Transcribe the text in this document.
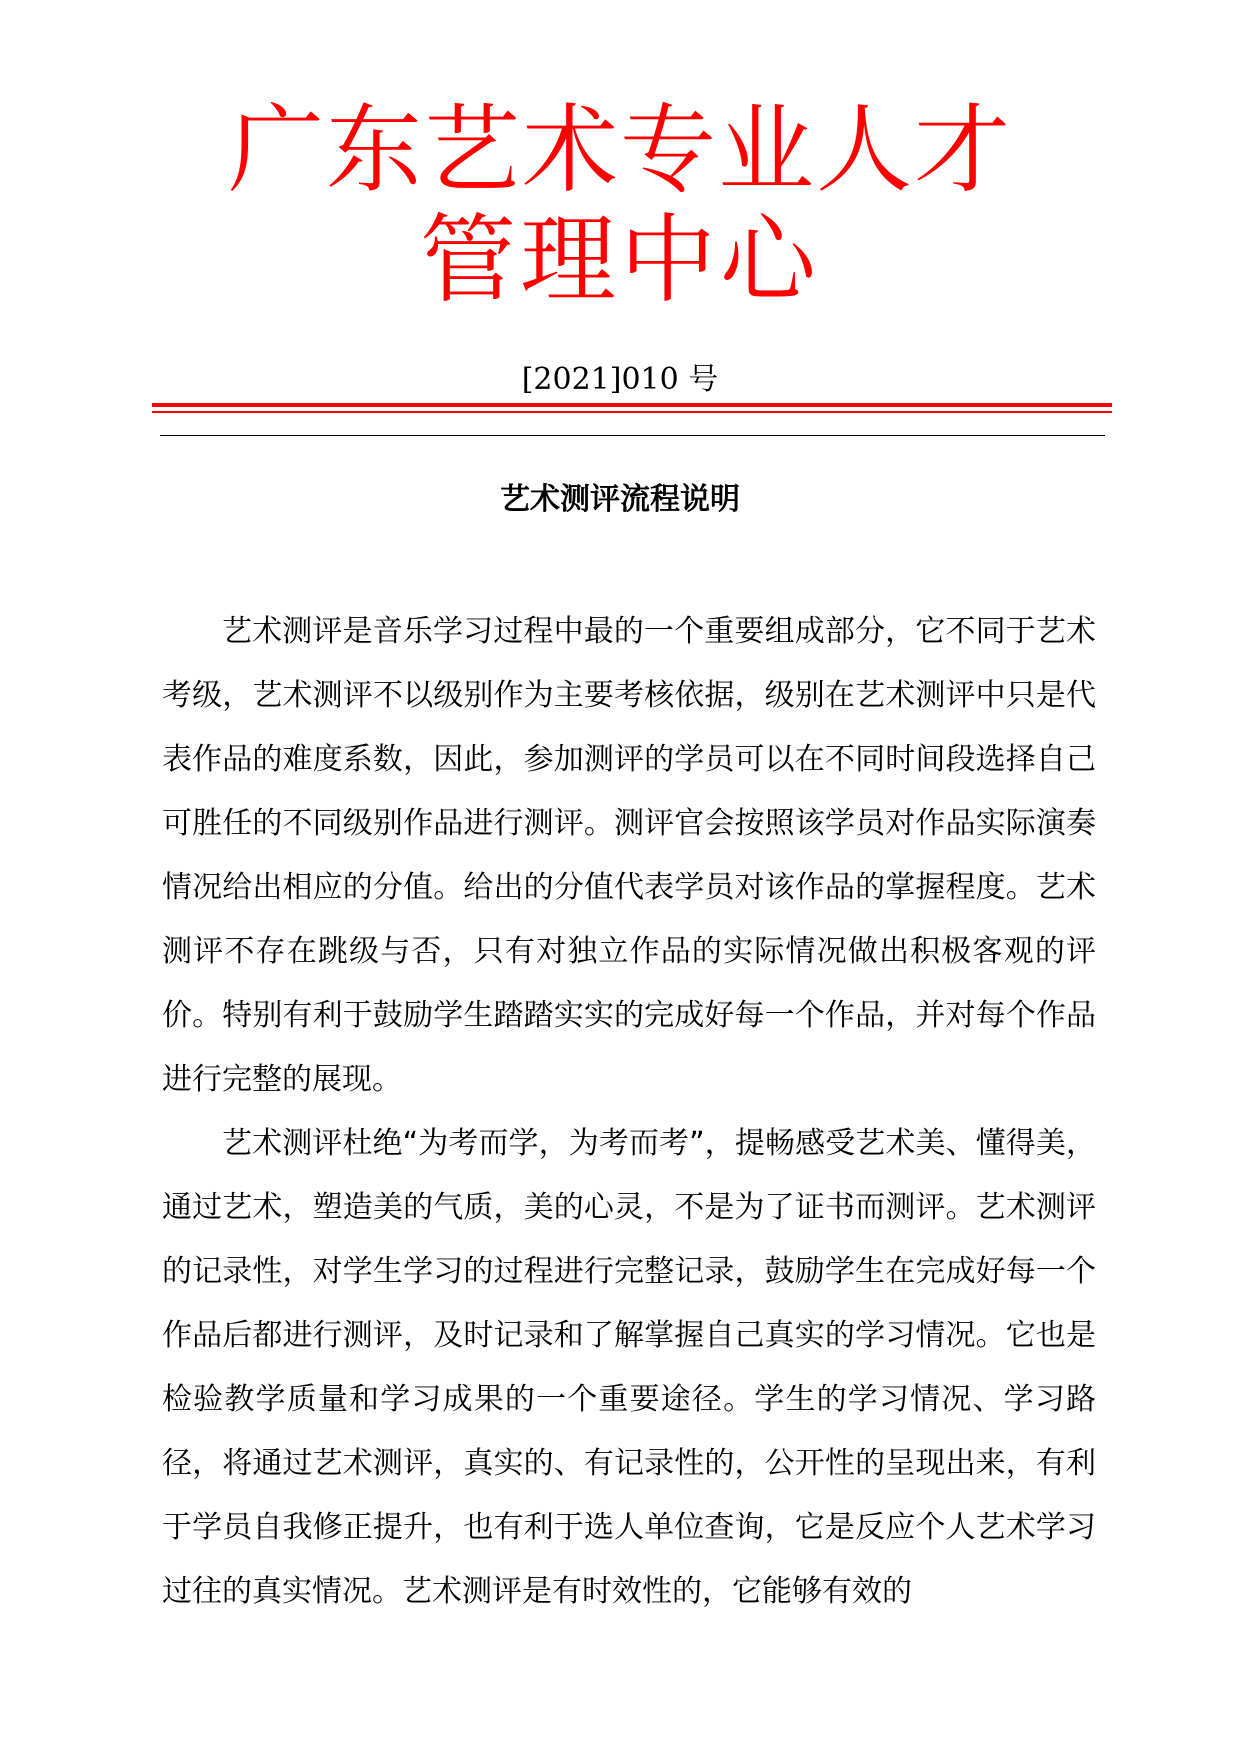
广东艺术专业人才
管理中心
[2021]010 号
艺术测评流程说明

艺术测评是音乐学习过程中最的一个重要组成部分，它不同于艺术考级，艺术测评不以级别作为主要考核依据，级别在艺术测评中只是代表作品的难度系数，因此，参加测评的学员可以在不同时间段选择自己可胜任的不同级别作品进行测评。测评官会按照该学员对作品实际演奏情况给出相应的分值。给出的分值代表学员对该作品的掌握程度。艺术测评不存在跳级与否，只有对独立作品的实际情况做出积极客观的评价。特别有利于鼓励学生踏踏实实的完成好每一个作品，并对每个作品进行完整的展现。

艺术测评杜绝“为考而学，为考而考”，提畅感受艺术美、懂得美，通过艺术，塑造美的气质，美的心灵，不是为了证书而测评。艺术测评的记录性，对学生学习的过程进行完整记录，鼓励学生在完成好每一个作品后都进行测评，及时记录和了解掌握自己真实的学习情况。它也是检验教学质量和学习成果的一个重要途径。学生的学习情况、学习路径，将通过艺术测评，真实的、有记录性的，公开性的呈现出来，有利于学员自我修正提升，也有利于选人单位查询，它是反应个人艺术学习过往的真实情况。艺术测评是有时效性的，它能够有效的
